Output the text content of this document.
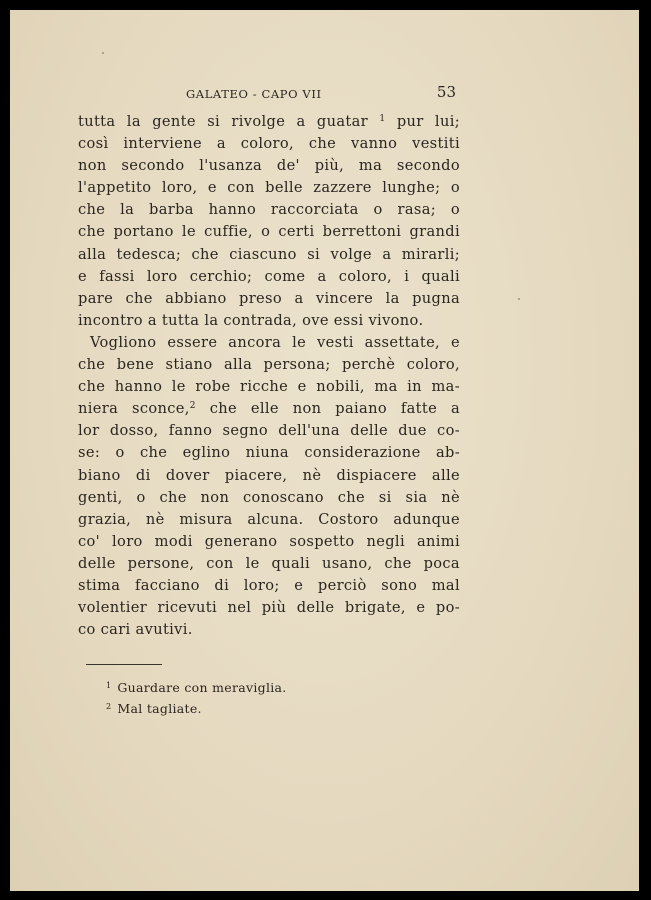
GALATEO - CAPO VII	53
tutta la gente si rivolge a guatar $^1$ pur lui;
così interviene a coloro, che vanno vestiti
non secondo l'usanza de' più, ma secondo
l'appetito loro, e con belle zazzere lunghe; o
che la barba hanno raccorciata o rasa; o
che portano le cuffie, o certi berrettoni grandi
alla tedesca; che ciascuno si volge a mirarli;
e fassi loro cerchio; come a coloro, i quali
pare che abbiano preso a vincere la pugna
incontro a tutta la contrada, ove essi vivono.
Vogliono essere ancora le vesti assettate, e
che bene stiano alla persona; perchè coloro,
che hanno le robe ricche e nobili, ma in ma-
niera sconce,$^2$ che elle non paiano fatte a
lor dosso, fanno segno dell'una delle due co-
se: o che eglino niuna considerazione ab-
biano di dover piacere, nè dispiacere alle
genti, o che non conoscano che si sia nè
grazia, nè misura alcuna. Costoro adunque
co' loro modi generano sospetto negli animi
delle persone, con le quali usano, che poca
stima facciano di loro; e perciò sono mal
volentier ricevuti nel più delle brigate, e po-
co cari avutivi.
$^1$ Guardare con meraviglia.
$^2$ Mal tagliate.
